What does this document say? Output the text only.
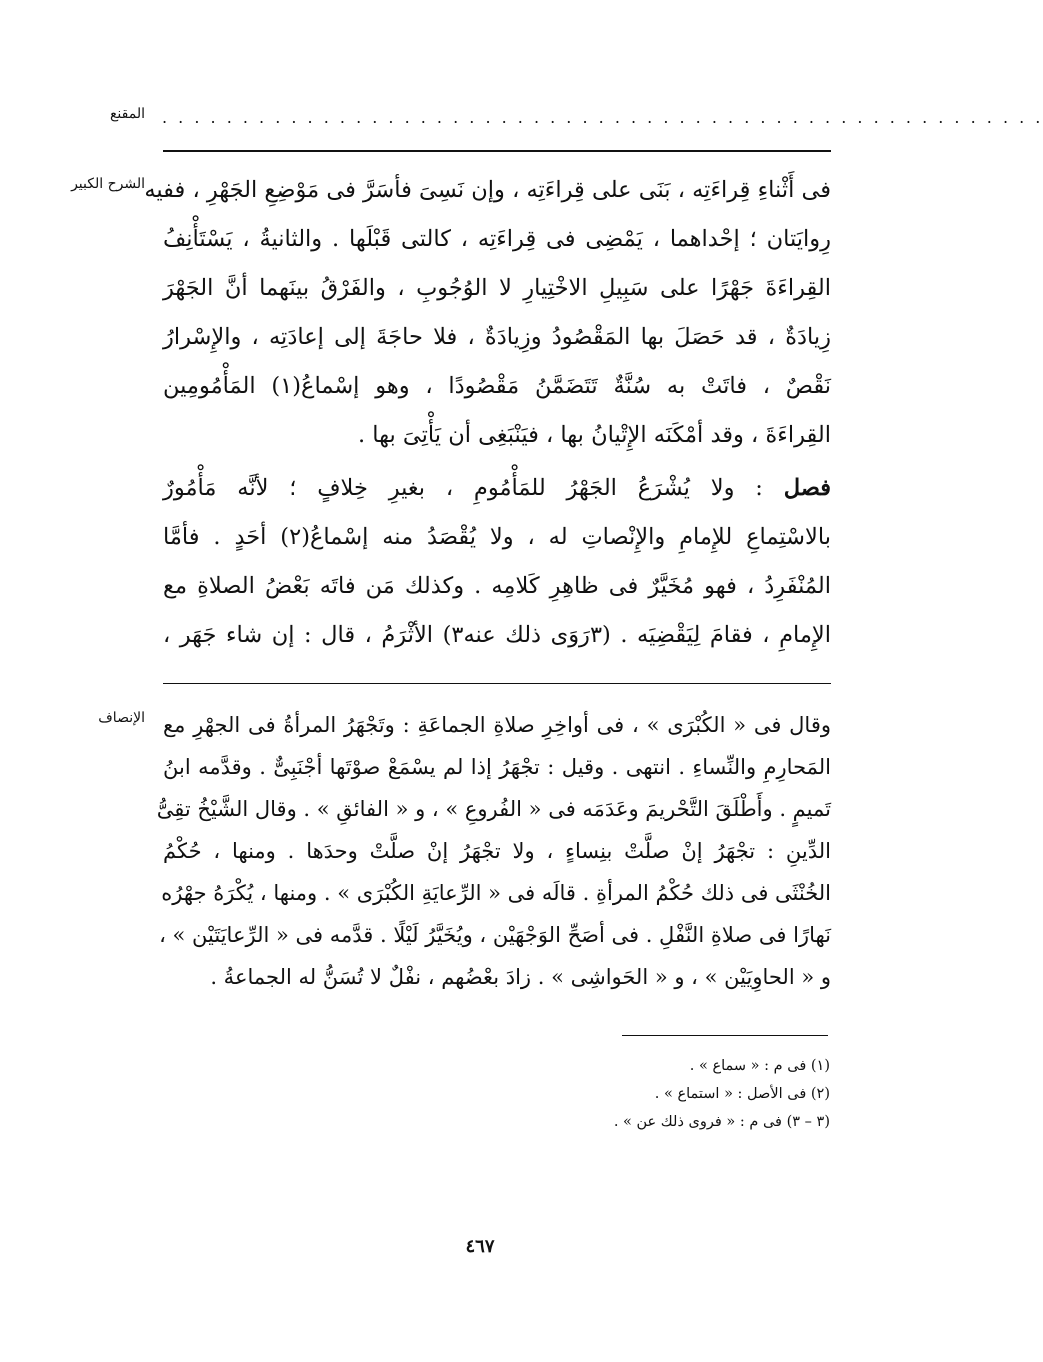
المقنع . . . . . . . . . . . . . . . . . . . . . . . . . . . . . . . . . . . . . . . . . . . . . . . . . . . . . . .
الشرح الكبير فى أَثْناءِ قِراءَتِه ، بَنَى على قِراءَتِه ، وإن نَسِىَ فأسَرَّ فى مَوْضِعِ الجَهْرِ ، ففيه
رِوايَتان ؛ إحْداهما ، يَمْضِى فى قِراءَتِه ، كالتى قَبْلَها . والثانيةُ ، يَسْتَأْنِفُ
القِراءَةَ جَهْرًا على سَبِيلِ الاخْتِيارِ لا الوُجُوبِ ، والفَرْقُ بينَهما أنَّ الجَهْرَ
زِيادَةٌ ، قد حَصَلَ بها المَقْصُودُ وزِيادَةٌ ، فلا حاجَةَ إلى إعادَتِه ، والإِسْرارُ
نَقْصٌ ، فاتَتْ به سُنَّةٌ تَتَضَمَّنُ مَقْصُودًا ، وهو إسْماعُ(١) المَأْمُومِين
القِراءَةَ ، وقد أمْكَنَه الإِتْيانُ بها ، فيَنْبَغِى أن يَأْتِىَ بها .
فصل : ولا يُشْرَعُ الجَهْرُ للمَأْمُومِ ، بغيرِ خِلافٍ ؛ لأنَّه مَأْمُورٌ
بالاسْتِماعِ للإِمامِ والإِنْصاتِ له ، ولا يُقْصَدُ منه إسْماعُ(٢) أحَدٍ . فأمَّا
المُنْفَرِدُ ، فهو مُخَيَّرٌ فى ظاهِرِ كَلامِه . وكذلك مَن فاتَه بَعْضُ الصلاةِ مع
الإِمامِ ، فقامَ لِيَقْضِيَه . (٣رَوَى ذلك عنه٣) الأثْرَمُ ، قال : إن شاء جَهَر ،
الإنصاف وقال فى « الكُبْرَى » ، فى أواخِرِ صلاةِ الجماعَةِ : وتَجْهَرُ المرأةُ فى الجهْرِ مع
المَحارِمِ والنِّساءِ . انتهى . وقيل : تجْهَرُ إذا لم يسْمَعْ صوْتَها أجْنَبِىٌّ . وقدَّمه ابنُ
تَميمٍ . وأَطْلَقَ التَّحْريمَ وعَدَمَه فى « الفُروعِ » ، و « الفائقِ » . وقال الشَّيْخُ تقِىُّ
الدِّينِ : تجْهَرُ إنْ صلَّتْ بنِساءٍ ، ولا تجْهَرُ إنْ صلَّتْ وحدَها . ومنها ، حُكْمُ
الخُنْثَى فى ذلك حُكْمُ المرأةِ . قالَه فى « الرِّعايَةِ الكُبْرَى » . ومنها ، يُكْرَهُ جهْرُه
نَهارًا فى صلاةِ النَّفْلِ . فى أصَحِّ الوَجْهَيْن ، ويُخَيَّرُ لَيْلًا . قدَّمه فى « الرِّعايَتَيْن » ،
و « الحاوِيَيْن » ، و « الحَواشِى » . زادَ بعْضُهم ، نفْلٌ لا تُسَنُّ له الجماعةُ .
(١) فى م : « سماع » .
(٢) فى الأصل : « استماع » .
(٣ – ٣) فى م : « فروى ذلك عن » .
٤٦٧
